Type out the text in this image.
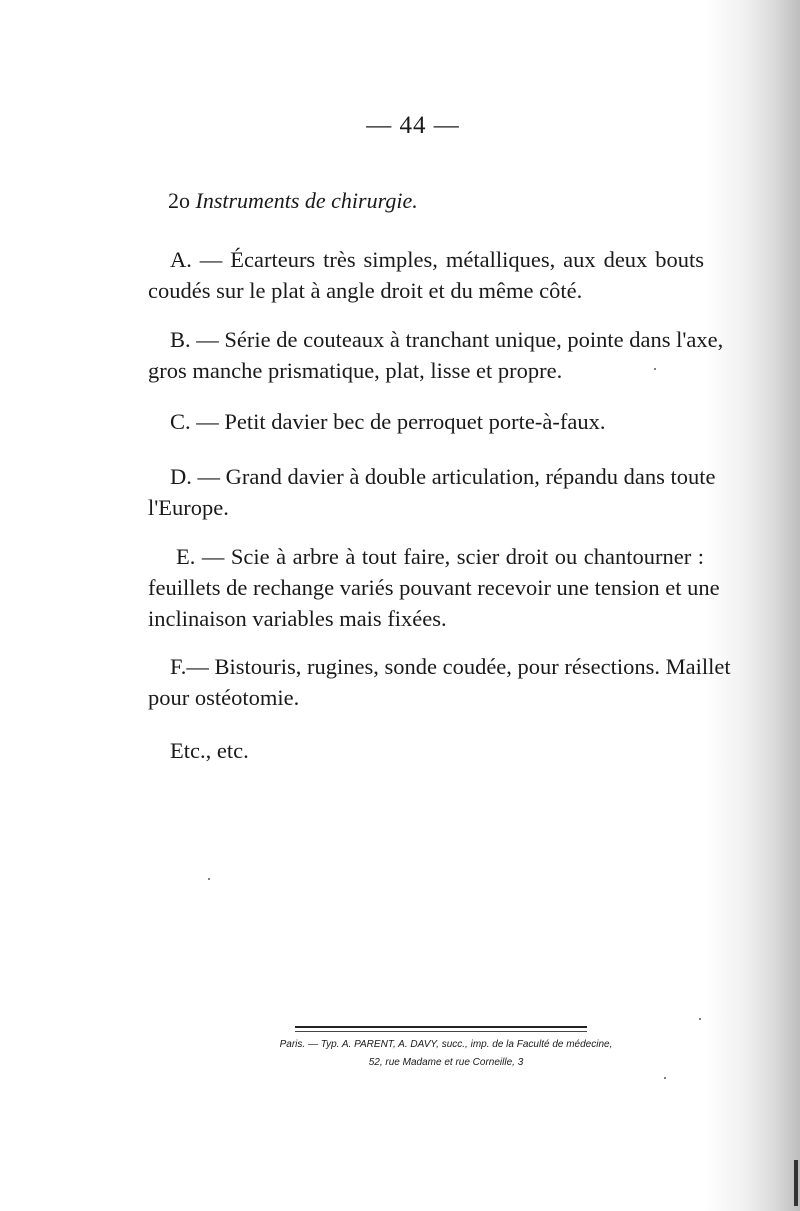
— 44 —
2o Instruments de chirurgie.
A. — Écarteurs très simples, métalliques, aux deux bouts
coudés sur le plat à angle droit et du même côté.
B. — Série de couteaux à tranchant unique, pointe dans l'axe,
gros manche prismatique, plat, lisse et propre.
C. — Petit davier bec de perroquet porte-à-faux.
D. — Grand davier à double articulation, répandu dans toute
l'Europe.
E. — Scie à arbre à tout faire, scier droit ou chantourner :
feuillets de rechange variés pouvant recevoir une tension et une
inclinaison variables mais fixées.
F.— Bistouris, rugines, sonde coudée, pour résections. Maillet
pour ostéotomie.
Etc., etc.
Paris. — Typ. A. PARENT, A. DAVY, succ., imp. de la Faculté de médecine,
52, rue Madame et rue Corneille, 3
